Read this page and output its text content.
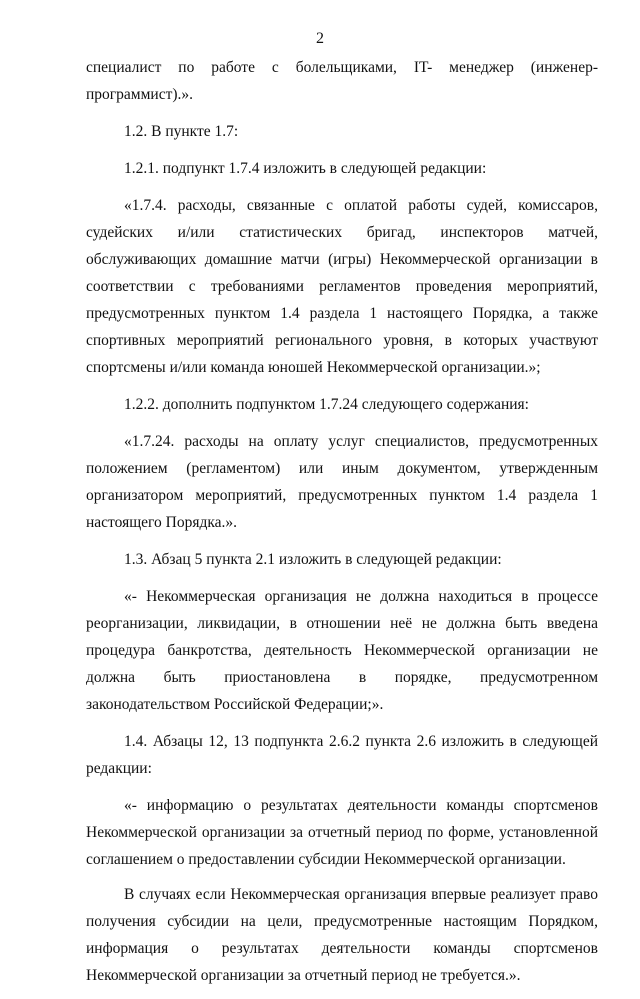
2

специалист по работе с болельщиками, IT- менеджер (инженер-программист).».

1.2. В пункте 1.7:

1.2.1. подпункт 1.7.4 изложить в следующей редакции:

«1.7.4. расходы, связанные с оплатой работы судей, комиссаров, судейских и/или статистических бригад, инспекторов матчей, обслуживающих домашние матчи (игры) Некоммерческой организации в соответствии с требованиями регламентов проведения мероприятий, предусмотренных пунктом 1.4 раздела 1 настоящего Порядка, а также спортивных мероприятий регионального уровня, в которых участвуют спортсмены и/или команда юношей Некоммерческой организации.»;

1.2.2. дополнить подпунктом 1.7.24 следующего содержания:

«1.7.24. расходы на оплату услуг специалистов, предусмотренных положением (регламентом) или иным документом, утвержденным организатором мероприятий, предусмотренных пунктом 1.4 раздела 1 настоящего Порядка.».

1.3. Абзац 5 пункта 2.1 изложить в следующей редакции:

«- Некоммерческая организация не должна находиться в процессе реорганизации, ликвидации, в отношении неё не должна быть введена процедура банкротства, деятельность Некоммерческой организации не должна быть приостановлена в порядке, предусмотренном законодательством Российской Федерации;».

1.4. Абзацы 12, 13 подпункта 2.6.2 пункта 2.6 изложить в следующей редакции:

«- информацию о результатах деятельности команды спортсменов Некоммерческой организации за отчетный период по форме, установленной соглашением о предоставлении субсидии Некоммерческой организации.

В случаях если Некоммерческая организация впервые реализует право получения субсидии на цели, предусмотренные настоящим Порядком, информация о результатах деятельности команды спортсменов Некоммерческой организации за отчетный период не требуется.».
